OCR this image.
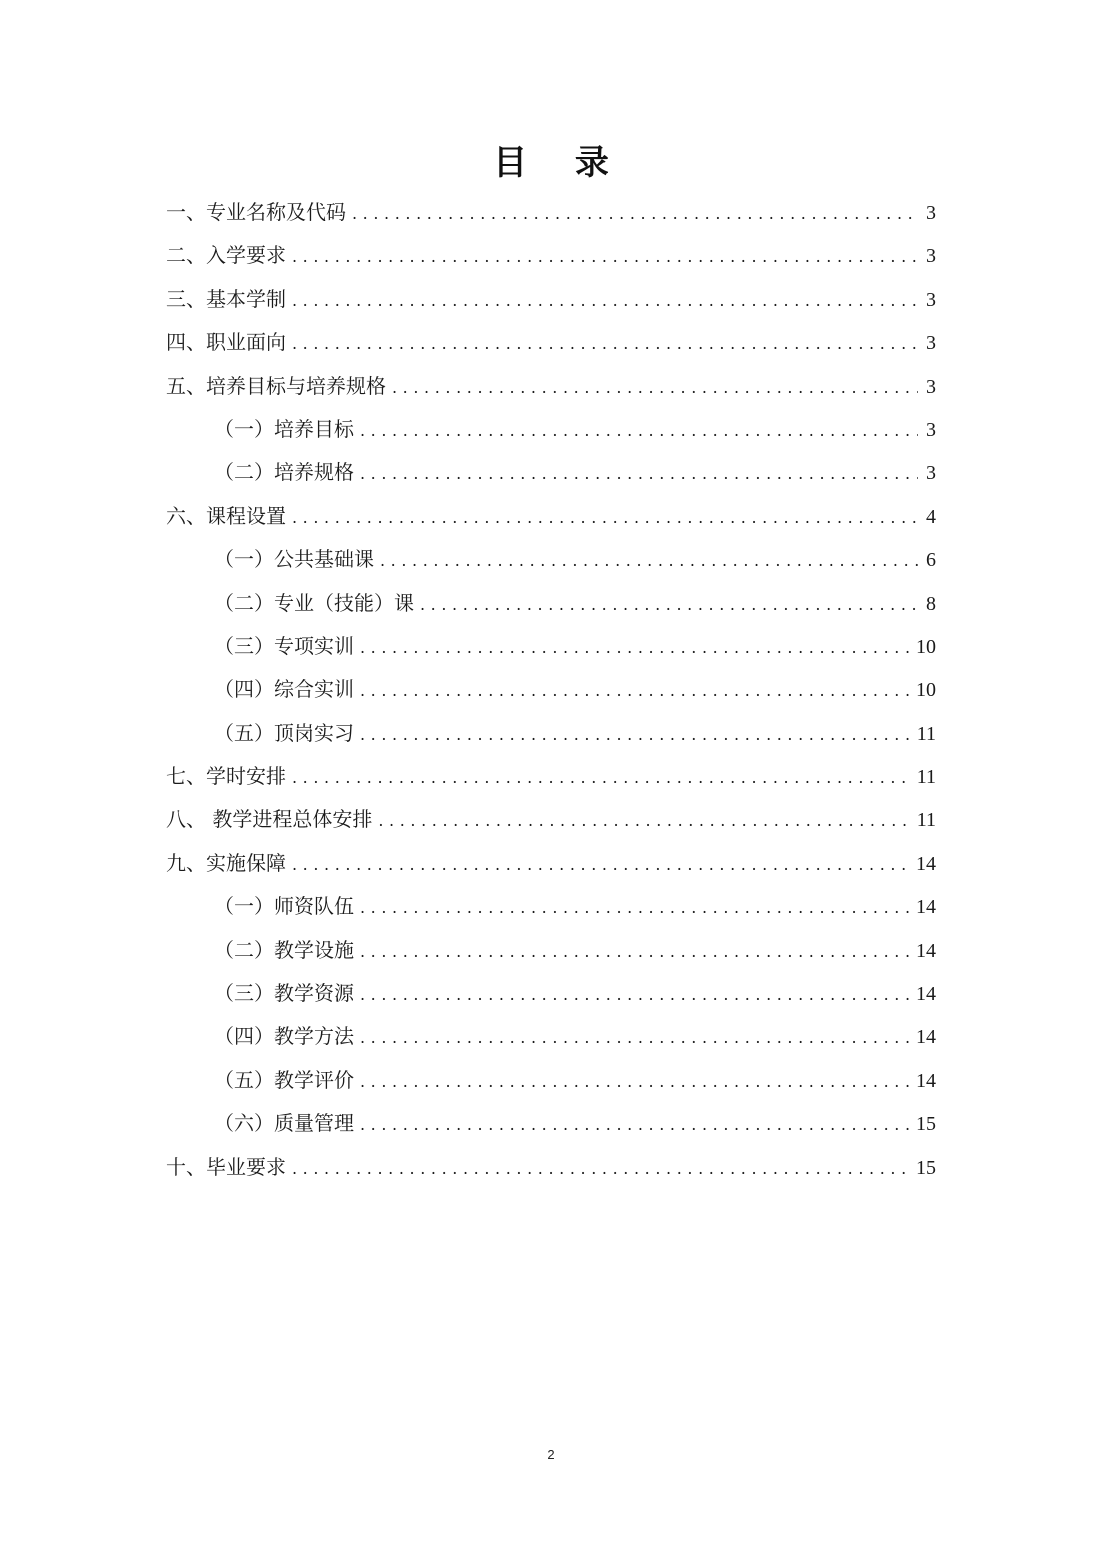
目 录
一、专业名称及代码 .....	3
二、入学要求 .....	3
三、基本学制 .....	3
四、职业面向 .....	3
五、培养目标与培养规格 .....	3
（一）培养目标 .....	3
（二）培养规格 .....	3
六、课程设置 .....	4
（一）公共基础课 .....	6
（二）专业（技能）课 .....	8
（三）专项实训 .....	10
（四）综合实训 .....	10
（五）顶岗实习 .....	11
七、学时安排 .....	11
八、 教学进程总体安排 .....	11
九、实施保障 .....	14
（一）师资队伍 .....	14
（二）教学设施 .....	14
（三）教学资源 .....	14
（四）教学方法 .....	14
（五）教学评价 .....	14
（六）质量管理 .....	15
十、毕业要求 .....	15
2
